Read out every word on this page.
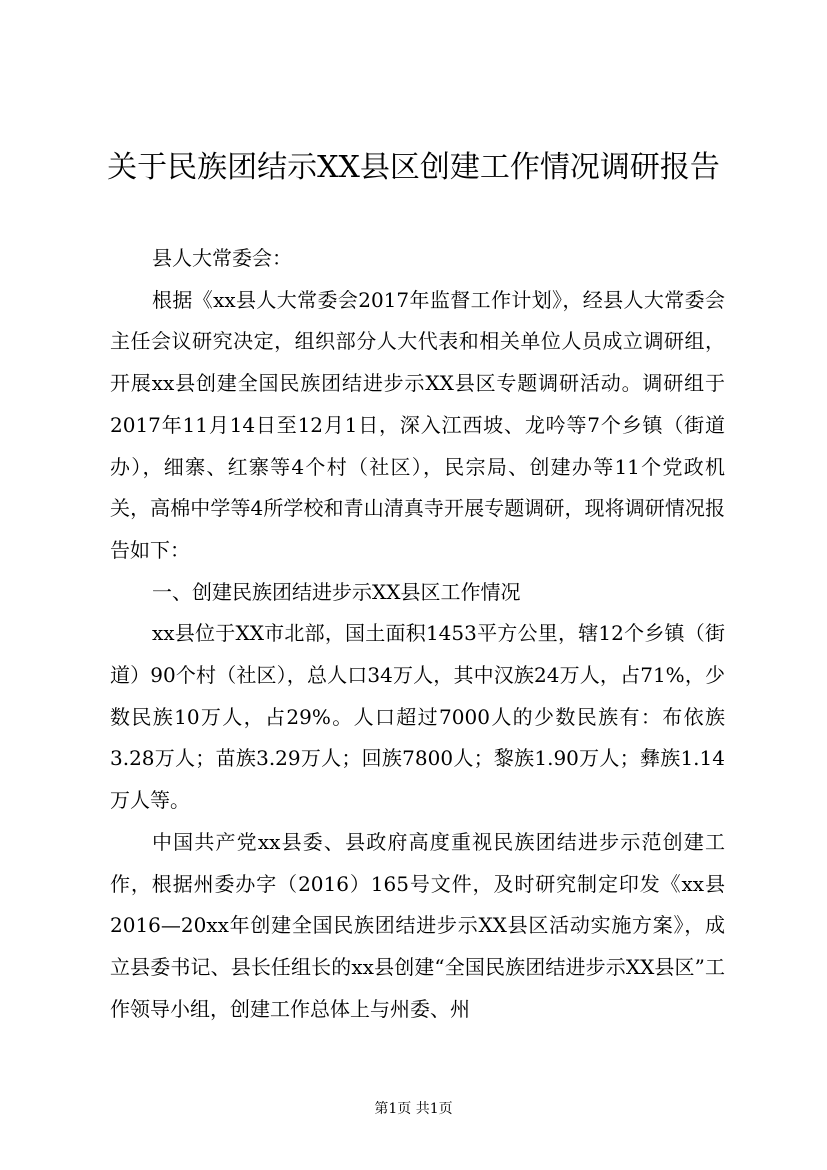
关于民族团结示XX县区创建工作情况调研报告

县人大常委会：

根据《xx县人大常委会2017年监督工作计划》，经县人大常委会主任会议研究决定，组织部分人大代表和相关单位人员成立调研组，开展xx县创建全国民族团结进步示XX县区专题调研活动。调研组于2017年11月14日至12月1日，深入江西坡、龙吟等7个乡镇（街道办），细寨、红寨等4个村（社区），民宗局、创建办等11个党政机关，高棉中学等4所学校和青山清真寺开展专题调研，现将调研情况报告如下：

一、创建民族团结进步示XX县区工作情况

xx县位于XX市北部，国土面积1453平方公里，辖12个乡镇（街道）90个村（社区），总人口34万人，其中汉族24万人，占71%，少数民族10万人，占29%。人口超过7000人的少数民族有：布依族3.28万人；苗族3.29万人；回族7800人；黎族1.90万人；彝族1.14万人等。

中国共产党xx县委、县政府高度重视民族团结进步示范创建工作，根据州委办字（2016）165号文件，及时研究制定印发《xx县2016—20xx年创建全国民族团结进步示XX县区活动实施方案》，成立县委书记、县长任组长的xx县创建“全国民族团结进步示XX县区”工作领导小组，创建工作总体上与州委、州

第1页 共1页
